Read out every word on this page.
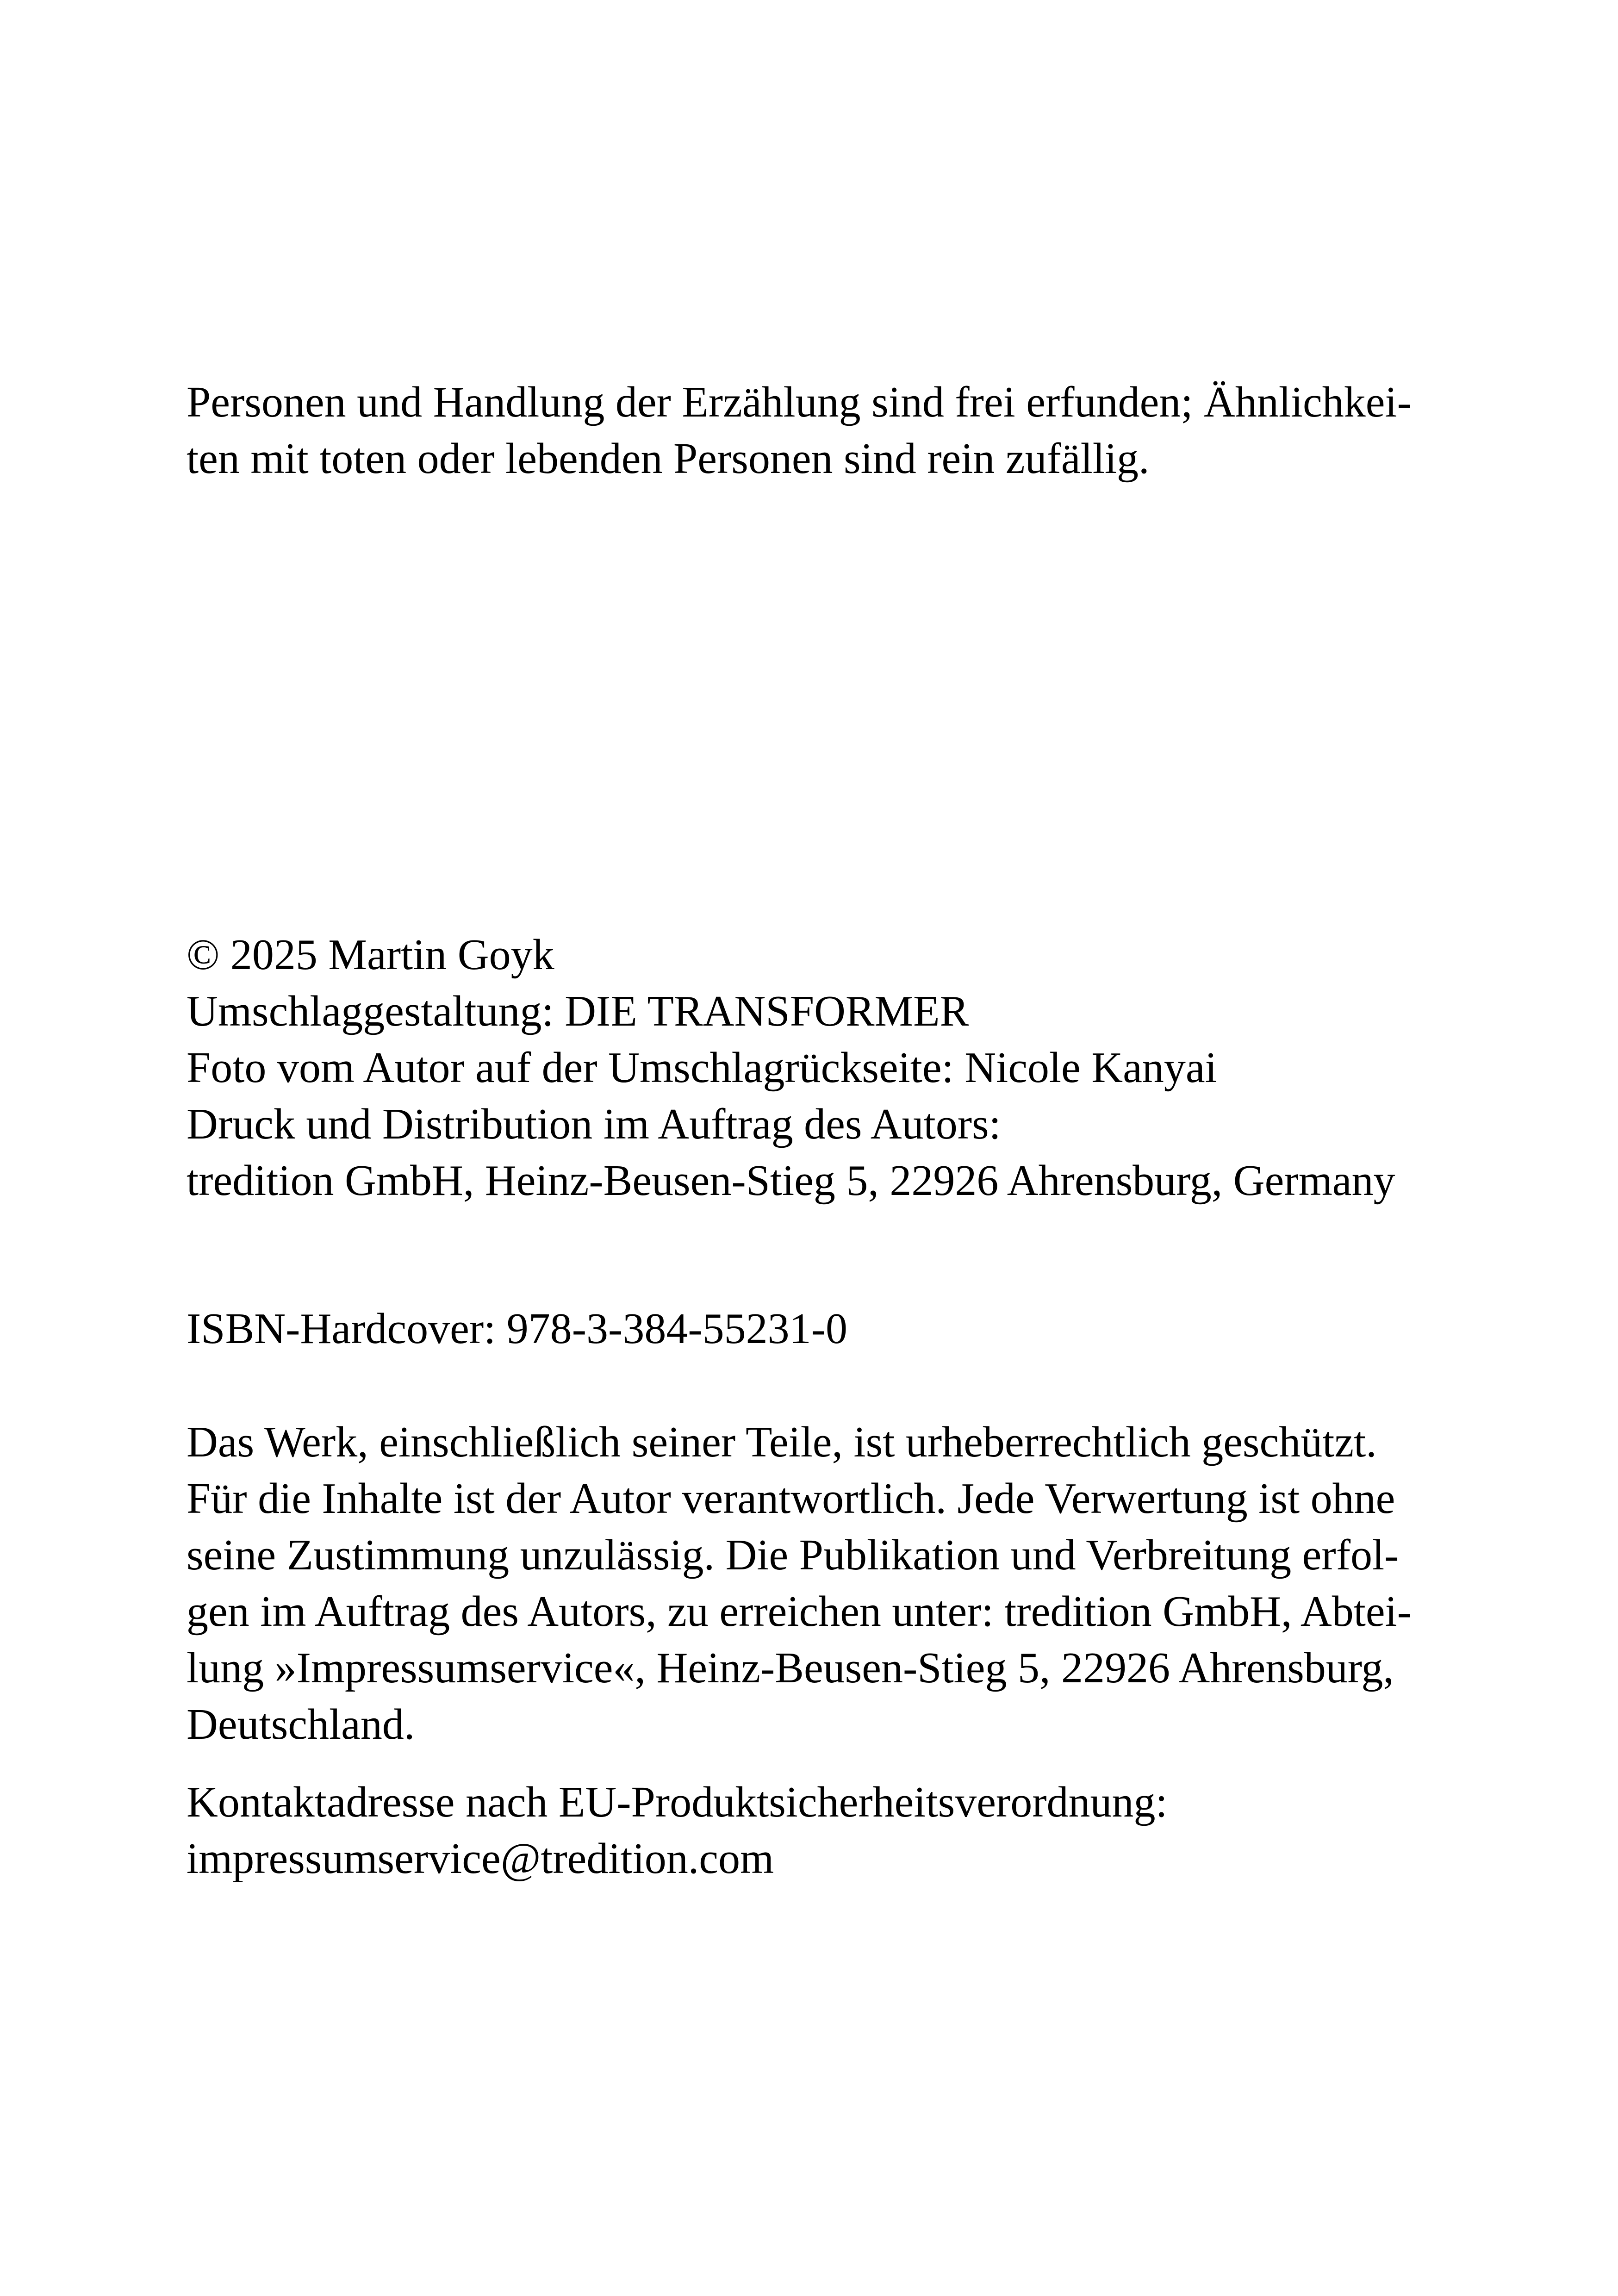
Personen und Handlung der Erzählung sind frei erfunden; Ähnlichkei-
ten mit toten oder lebenden Personen sind rein zufällig.

© 2025 Martin Goyk
Umschlaggestaltung: DIE TRANSFORMER
Foto vom Autor auf der Umschlagrückseite: Nicole Kanyai
Druck und Distribution im Auftrag des Autors:
tredition GmbH, Heinz-Beusen-Stieg 5, 22926 Ahrensburg, Germany

ISBN-Hardcover: 978-3-384-55231-0

Das Werk, einschließlich seiner Teile, ist urheberrechtlich geschützt.
Für die Inhalte ist der Autor verantwortlich. Jede Verwertung ist ohne
seine Zustimmung unzulässig. Die Publikation und Verbreitung erfol-
gen im Auftrag des Autors, zu erreichen unter: tredition GmbH, Abtei-
lung »Impressumservice«, Heinz-Beusen-Stieg 5, 22926 Ahrensburg,
Deutschland.

Kontaktadresse nach EU-Produktsicherheitsverordnung:
impressumservice@tredition.com
